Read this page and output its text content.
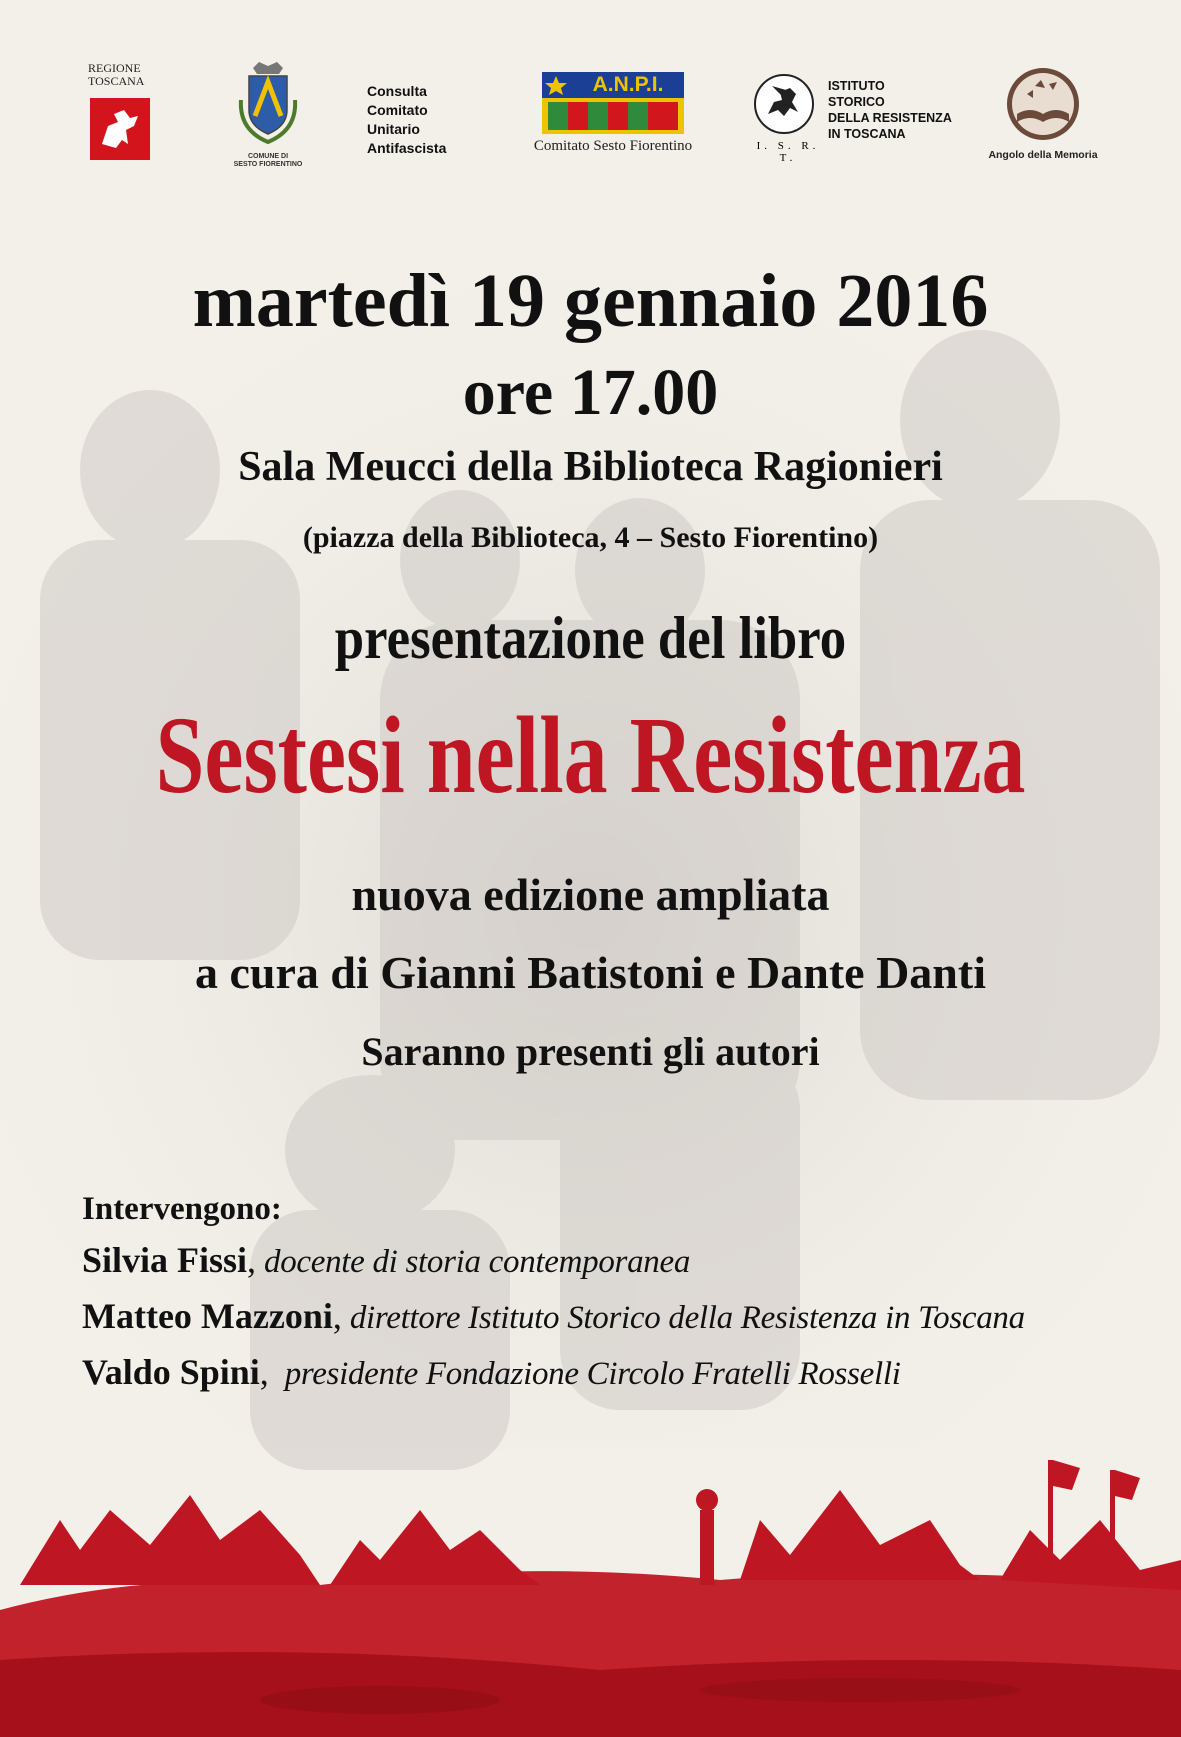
REGIONE
TOSCANA
COMUNE DI
SESTO FIORENTINO
Consulta
Comitato
Unitario
Antifascista
A.N.P.I.
Comitato Sesto Fiorentino
ISTITUTO
STORICO
DELLA RESISTENZA
IN TOSCANA
I. S. R. T.	Angolo della Memoria
martedì 19 gennaio 2016
ore 17.00
Sala Meucci della Biblioteca Ragionieri
(piazza della Biblioteca, 4 – Sesto Fiorentino)
presentazione del libro
Sestesi nella Resistenza
nuova edizione ampliata
a cura di Gianni Batistoni e Dante Danti
Saranno presenti gli autori
Intervengono:
Silvia Fissi, docente di storia contemporanea
Matteo Mazzoni, direttore Istituto Storico della Resistenza in Toscana
Valdo Spini,  presidente Fondazione Circolo Fratelli Rosselli
